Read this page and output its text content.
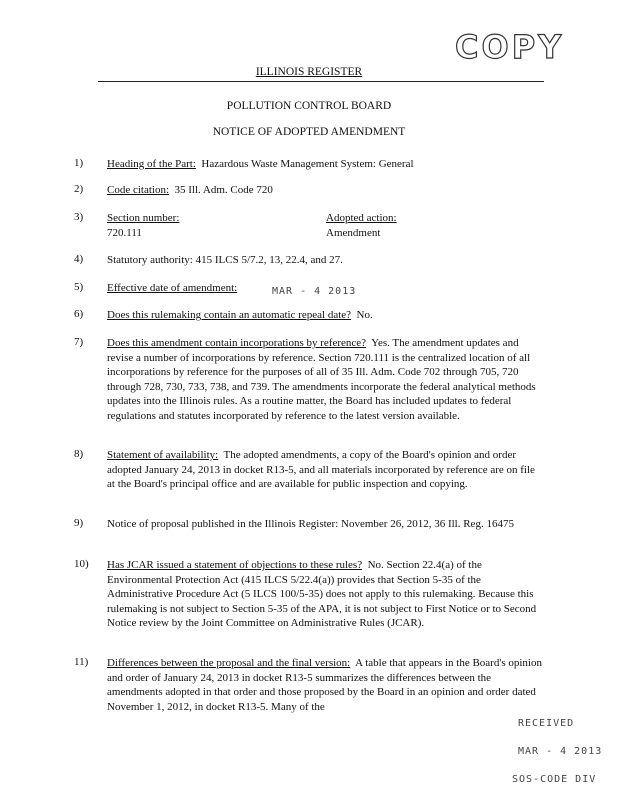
COPY
ILLINOIS REGISTER
POLLUTION CONTROL BOARD
NOTICE OF ADOPTED AMENDMENT
1) Heading of the Part: Hazardous Waste Management System: General
2) Code citation: 35 Ill. Adm. Code 720
3) Section number:
720.111
Adopted action:
Amendment
4) Statutory authority: 415 ILCS 5/7.2, 13, 22.4, and 27.
5) Effective date of amendment:	MAR - 4 2013
6) Does this rulemaking contain an automatic repeal date? No.
7) Does this amendment contain incorporations by reference? Yes. The amendment updates and revise a number of incorporations by reference. Section 720.111 is the centralized location of all incorporations by reference for the purposes of all of 35 Ill. Adm. Code 702 through 705, 720 through 728, 730, 733, 738, and 739. The amendments incorporate the federal analytical methods updates into the Illinois rules. As a routine matter, the Board has included updates to federal regulations and statutes incorporated by reference to the latest version available.
8) Statement of availability: The adopted amendments, a copy of the Board's opinion and order adopted January 24, 2013 in docket R13-5, and all materials incorporated by reference are on file at the Board's principal office and are available for public inspection and copying.
9) Notice of proposal published in the Illinois Register: November 26, 2012, 36 Ill. Reg. 16475
10) Has JCAR issued a statement of objections to these rules? No. Section 22.4(a) of the Environmental Protection Act (415 ILCS 5/22.4(a)) provides that Section 5-35 of the Administrative Procedure Act (5 ILCS 100/5-35) does not apply to this rulemaking. Because this rulemaking is not subject to Section 5-35 of the APA, it is not subject to First Notice or to Second Notice review by the Joint Committee on Administrative Rules (JCAR).
11) Differences between the proposal and the final version: A table that appears in the Board's opinion and order of January 24, 2013 in docket R13-5 summarizes the differences between the amendments adopted in that order and those proposed by the Board in an opinion and order dated November 1, 2012, in docket R13-5. Many of the
RECEIVED
MAR - 4 2013
SOS-CODE DIV
